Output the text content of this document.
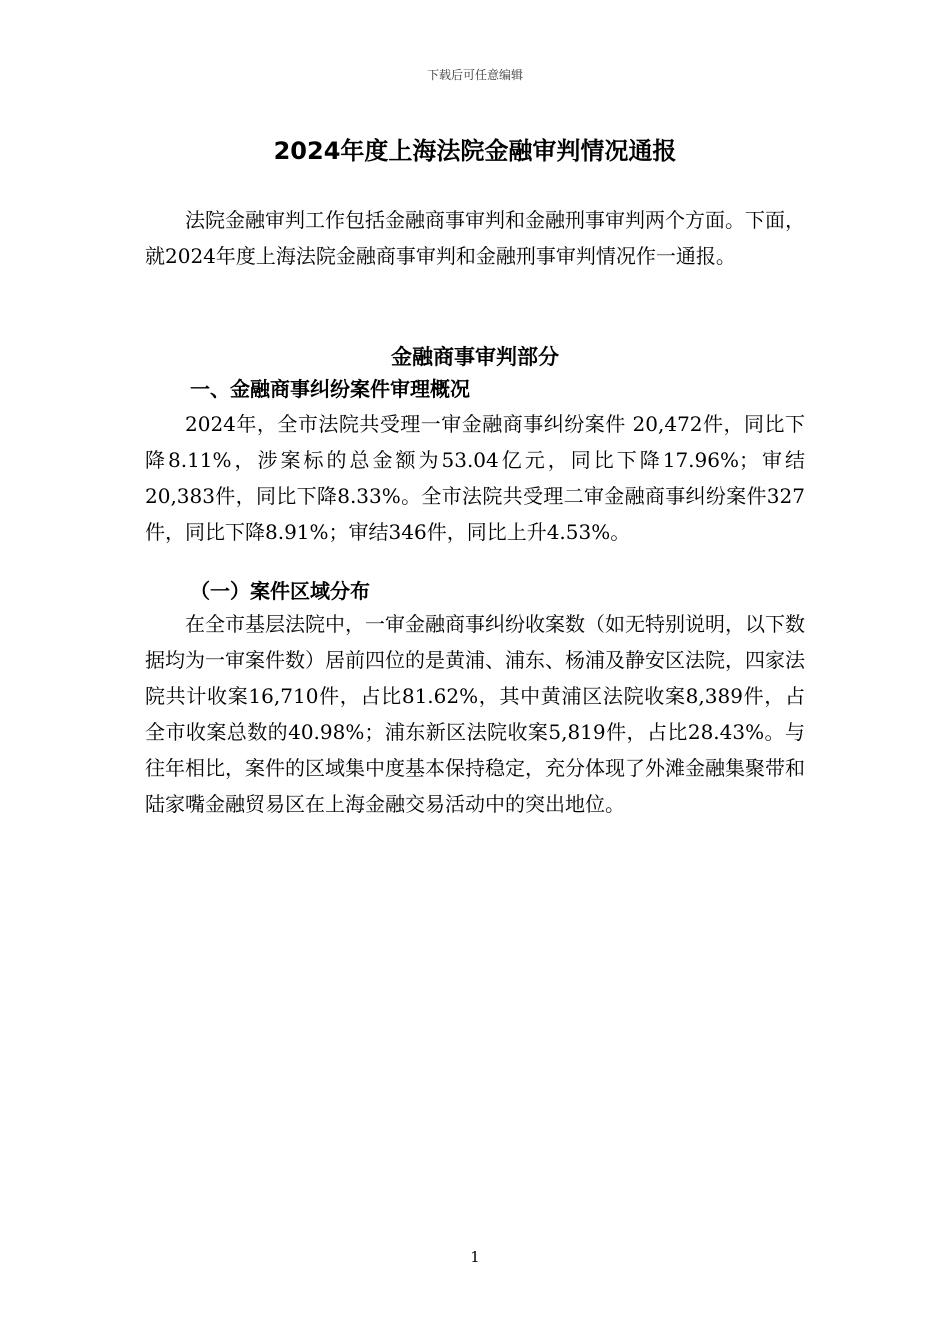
下载后可任意编辑
2024年度上海法院金融审判情况通报

法院金融审判工作包括金融商事审判和金融刑事审判两个方面。下面，就2024年度上海法院金融商事审判和金融刑事审判情况作一通报。

金融商事审判部分
一、金融商事纠纷案件审理概况

2024年，全市法院共受理一审金融商事纠纷案件 20,472件，同比下降8.11%，涉案标的总金额为53.04亿元，同比下降17.96%；审结20,383件，同比下降8.33%。全市法院共受理二审金融商事纠纷案件327件，同比下降8.91%；审结346件，同比上升4.53%。

（一）案件区域分布

在全市基层法院中，一审金融商事纠纷收案数（如无特别说明，以下数据均为一审案件数）居前四位的是黄浦、浦东、杨浦及静安区法院，四家法院共计收案16,710件，占比81.62%，其中黄浦区法院收案8,389件，占全市收案总数的40.98%；浦东新区法院收案5,819件，占比28.43%。与往年相比，案件的区域集中度基本保持稳定，充分体现了外滩金融集聚带和陆家嘴金融贸易区在上海金融交易活动中的突出地位。

1
